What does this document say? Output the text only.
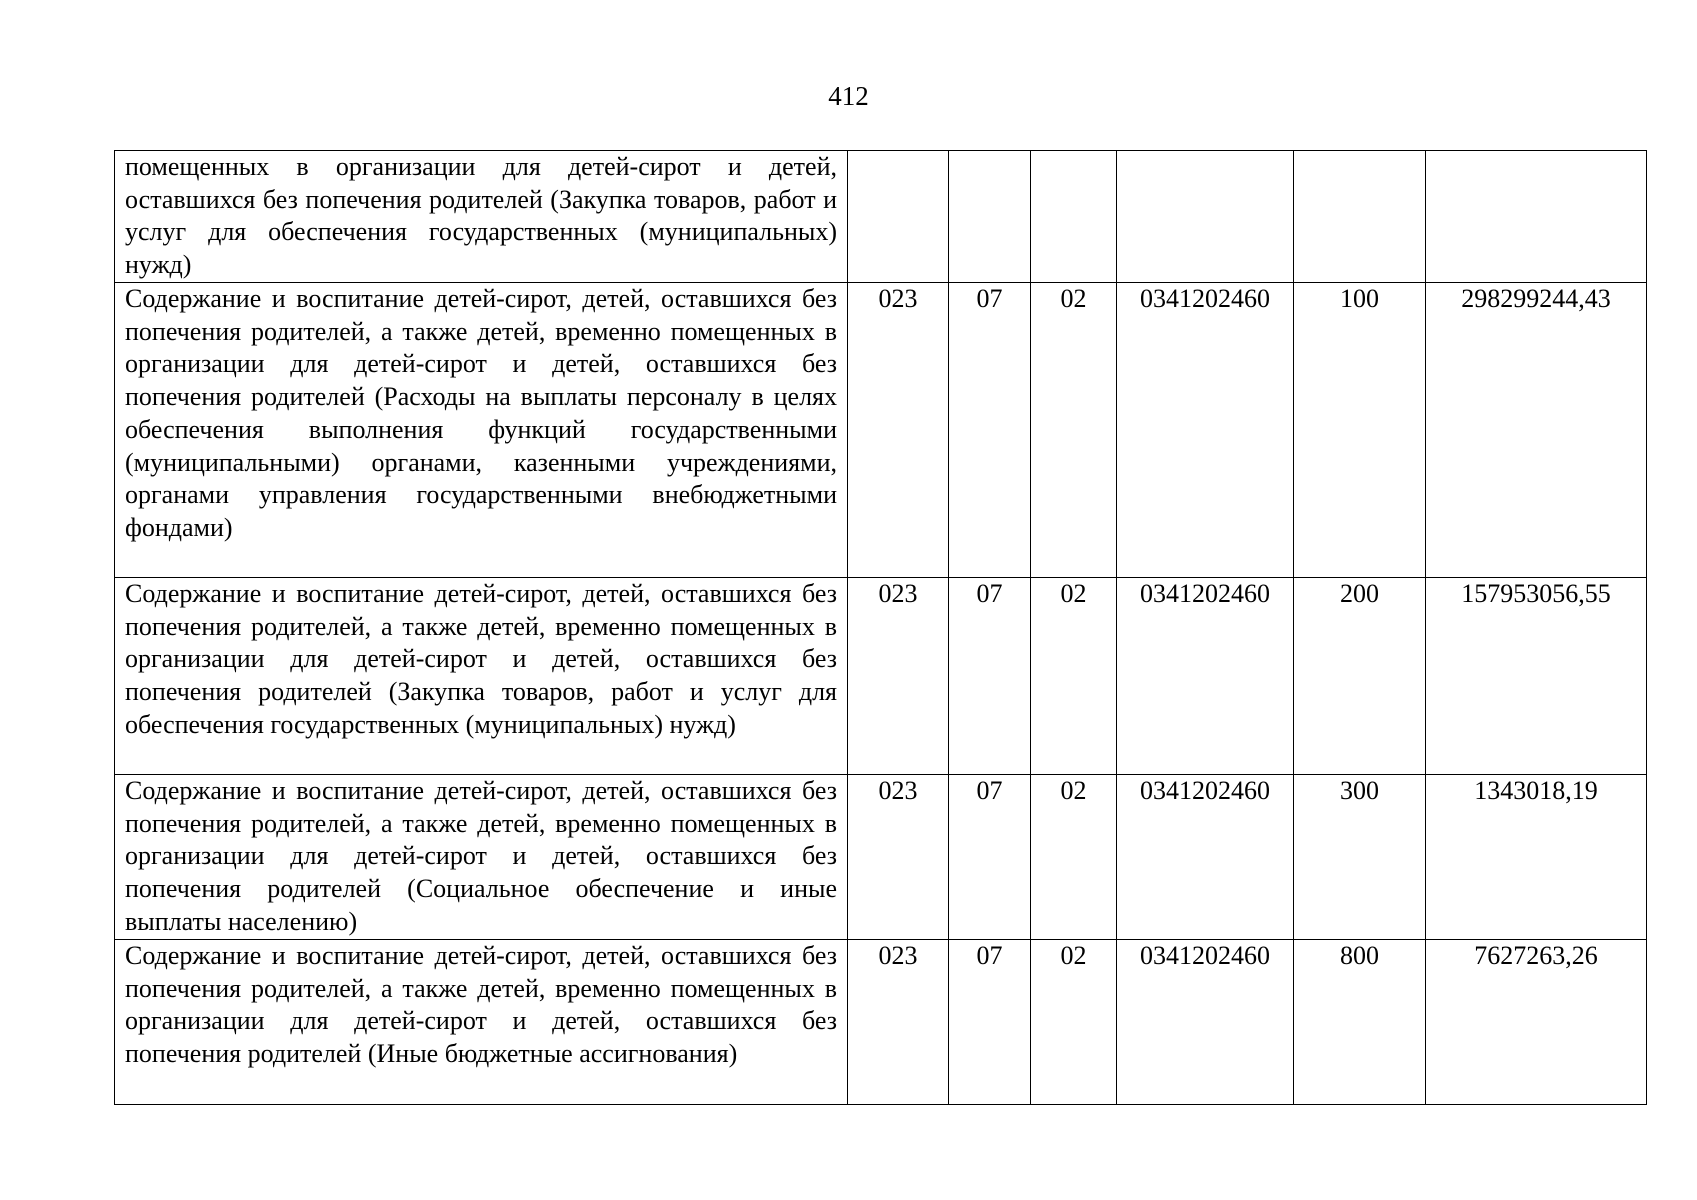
412
помещенных в организации для детей-сирот и детей, оставшихся без попечения родителей (Закупка товаров, работ и услуг для обеспечения государственных (муниципальных) нужд)						
Содержание и воспитание детей-сирот, детей, оставшихся без попечения родителей, а также детей, временно помещенных в организации для детей-сирот и детей, оставшихся без попечения родителей (Расходы на выплаты персоналу в целях обеспечения выполнения функций государственными (муниципальными) органами, казенными учреждениями, органами управления государственными внебюджетными фондами)	023	07	02	0341202460	100	298299244,43
Содержание и воспитание детей-сирот, детей, оставшихся без попечения родителей, а также детей, временно помещенных в организации для детей-сирот и детей, оставшихся без попечения родителей (Закупка товаров, работ и услуг для обеспечения государственных (муниципальных) нужд)	023	07	02	0341202460	200	157953056,55
Содержание и воспитание детей-сирот, детей, оставшихся без попечения родителей, а также детей, временно помещенных в организации для детей-сирот и детей, оставшихся без попечения родителей (Социальное обеспечение и иные выплаты населению)	023	07	02	0341202460	300	1343018,19
Содержание и воспитание детей-сирот, детей, оставшихся без попечения родителей, а также детей, временно помещенных в организации для детей-сирот и детей, оставшихся без попечения родителей (Иные бюджетные ассигнования)	023	07	02	0341202460	800	7627263,26
